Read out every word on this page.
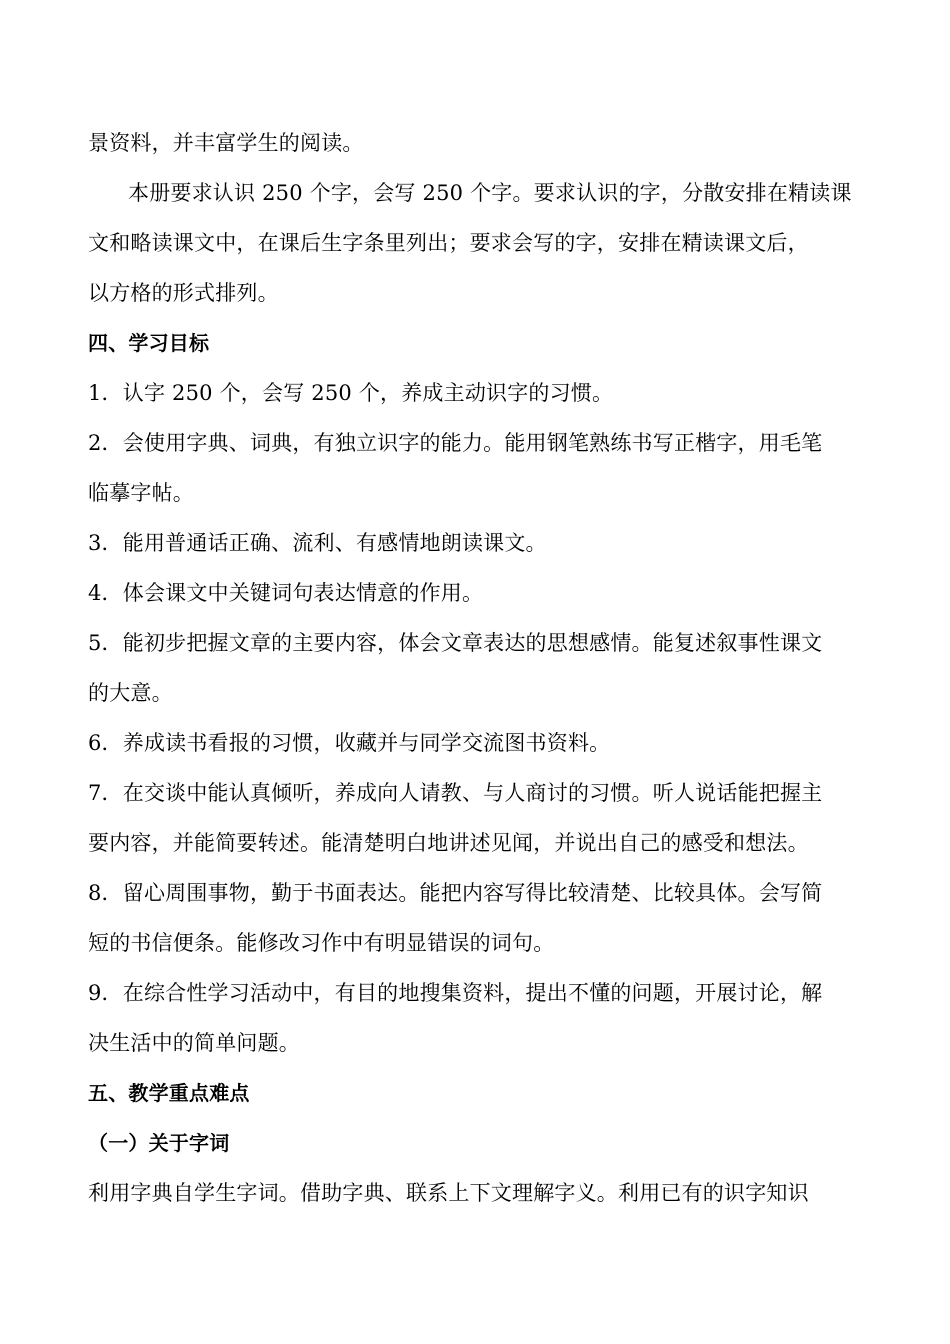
景资料，并丰富学生的阅读。
本册要求认识 250 个字，会写 250 个字。要求认识的字，分散安排在精读课
文和略读课文中，在课后生字条里列出；要求会写的字，安排在精读课文后，
以方格的形式排列。
四、学习目标
1．认字 250 个，会写 250 个，养成主动识字的习惯。
2．会使用字典、词典，有独立识字的能力。能用钢笔熟练书写正楷字，用毛笔
临摹字帖。
3．能用普通话正确、流利、有感情地朗读课文。
4．体会课文中关键词句表达情意的作用。
5．能初步把握文章的主要内容，体会文章表达的思想感情。能复述叙事性课文
的大意。
6．养成读书看报的习惯，收藏并与同学交流图书资料。
7．在交谈中能认真倾听，养成向人请教、与人商讨的习惯。听人说话能把握主
要内容，并能简要转述。能清楚明白地讲述见闻，并说出自己的感受和想法。
8．留心周围事物，勤于书面表达。能把内容写得比较清楚、比较具体。会写简
短的书信便条。能修改习作中有明显错误的词句。
9．在综合性学习活动中，有目的地搜集资料，提出不懂的问题，开展讨论，解
决生活中的简单问题。
五、教学重点难点
（一）关于字词
利用字典自学生字词。借助字典、联系上下文理解字义。利用已有的识字知识
